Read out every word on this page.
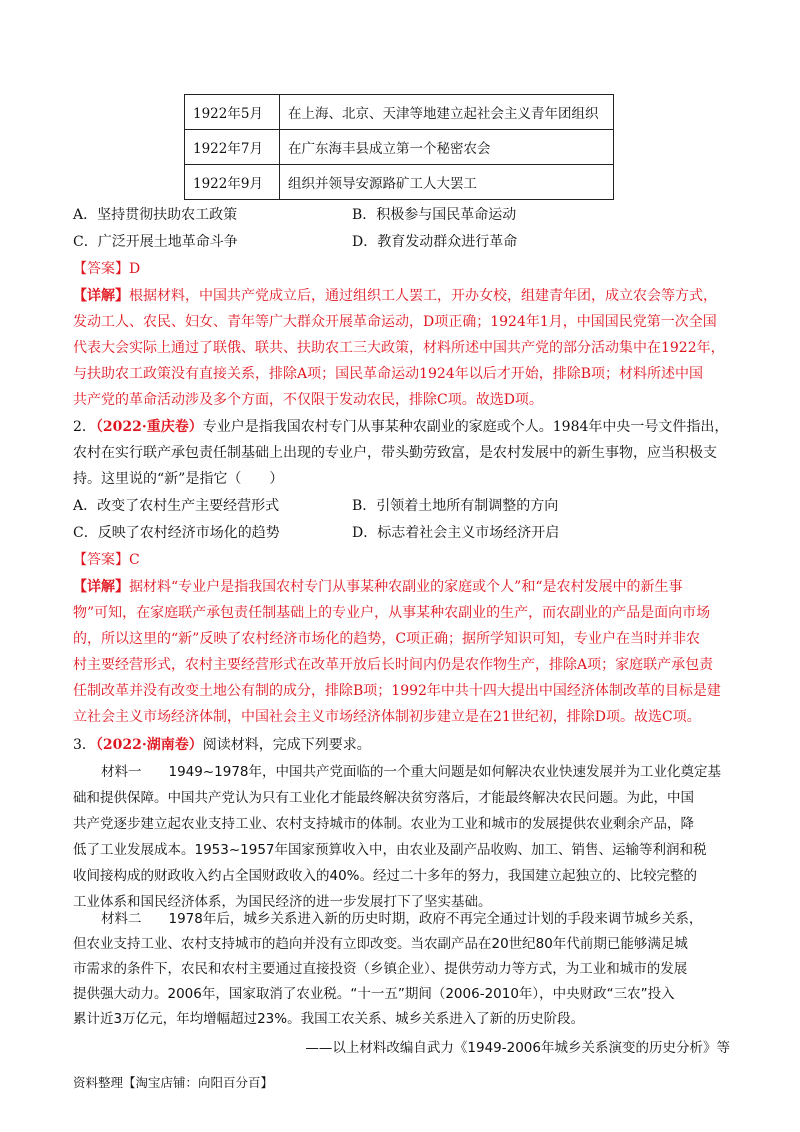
1922年5月	在上海、北京、天津等地建立起社会主义青年团组织
1922年7月	在广东海丰县成立第一个秘密农会
1922年9月	组织并领导安源路矿工人大罢工
A．坚持贯彻扶助农工政策	B．积极参与国民革命运动
C．广泛开展土地革命斗争	D．教育发动群众进行革命
【答案】D
【详解】根据材料，中国共产党成立后，通过组织工人罢工，开办女校，组建青年团，成立农会等方式，
发动工人、农民、妇女、青年等广大群众开展革命运动，D项正确；1924年1月，中国国民党第一次全国
代表大会实际上通过了联俄、联共、扶助农工三大政策，材料所述中国共产党的部分活动集中在1922年，
与扶助农工政策没有直接关系，排除A项；国民革命运动1924年以后才开始，排除B项；材料所述中国
共产党的革命活动涉及多个方面，不仅限于发动农民，排除C项。故选D项。
2．（2022·重庆卷）专业户是指我国农村专门从事某种农副业的家庭或个人。1984年中央一号文件指出，
农村在实行联产承包责任制基础上出现的专业户，带头勤劳致富，是农村发展中的新生事物，应当积极支
持。这里说的“新”是指它（　　）
A．改变了农村生产主要经营形式	B．引领着土地所有制调整的方向
C．反映了农村经济市场化的趋势	D．标志着社会主义市场经济开启
【答案】C
【详解】据材料“专业户是指我国农村专门从事某种农副业的家庭或个人”和“是农村发展中的新生事
物”可知，在家庭联产承包责任制基础上的专业户，从事某种农副业的生产，而农副业的产品是面向市场
的，所以这里的“新”反映了农村经济市场化的趋势，C项正确；据所学知识可知，专业户在当时并非农
村主要经营形式，农村主要经营形式在改革开放后长时间内仍是农作物生产，排除A项；家庭联产承包责
任制改革并没有改变土地公有制的成分，排除B项；1992年中共十四大提出中国经济体制改革的目标是建
立社会主义市场经济体制，中国社会主义市场经济体制初步建立是在21世纪初，排除D项。故选C项。
3．（2022·湖南卷）阅读材料，完成下列要求。
材料一　　1949~1978年，中国共产党面临的一个重大问题是如何解决农业快速发展并为工业化奠定基
础和提供保障。中国共产党认为只有工业化才能最终解决贫穷落后，才能最终解决农民问题。为此，中国
共产党逐步建立起农业支持工业、农村支持城市的体制。农业为工业和城市的发展提供农业剩余产品，降
低了工业发展成本。1953~1957年国家预算收入中，由农业及副产品收购、加工、销售、运输等利润和税
收间接构成的财政收入约占全国财政收入的40%。经过二十多年的努力，我国建立起独立的、比较完整的
工业体系和国民经济体系，为国民经济的进一步发展打下了坚实基础。
材料二　　1978年后，城乡关系进入新的历史时期，政府不再完全通过计划的手段来调节城乡关系，
但农业支持工业、农村支持城市的趋向并没有立即改变。当农副产品在20世纪80年代前期已能够满足城
市需求的条件下，农民和农村主要通过直接投资（乡镇企业）、提供劳动力等方式，为工业和城市的发展
提供强大动力。2006年，国家取消了农业税。“十一五”期间（2006-2010年），中央财政“三农”投入
累计近3万亿元，年均增幅超过23%。我国工农关系、城乡关系进入了新的历史阶段。
——以上材料改编自武力《1949-2006年城乡关系演变的历史分析》等
资料整理【淘宝店铺：向阳百分百】
